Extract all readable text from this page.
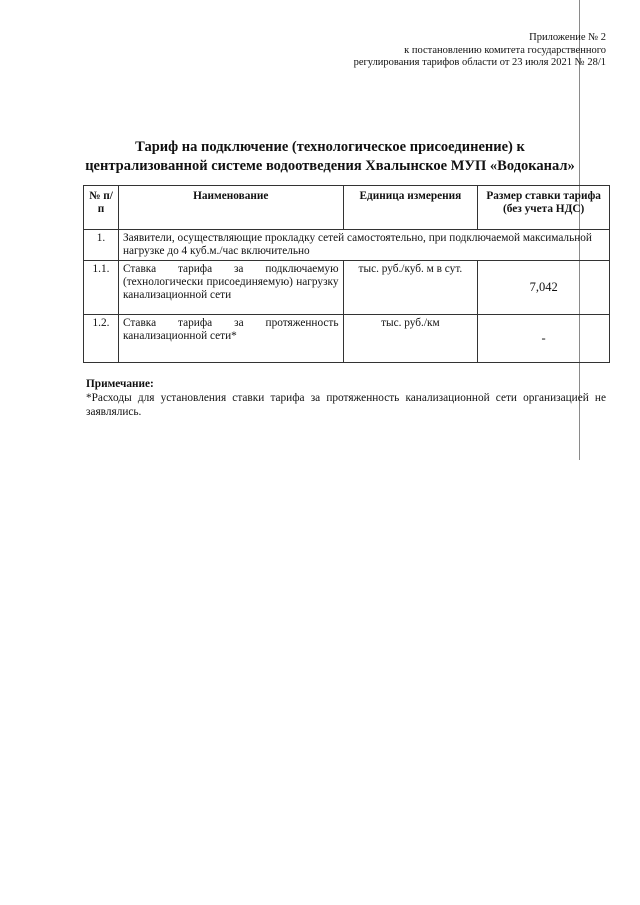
Приложение № 2
к постановлению комитета государственного
регулирования тарифов области от 23 июля 2021 № 28/1
Тариф на подключение (технологическое присоединение) к
централизованной системе водоотведения Хвалынское МУП «Водоканал»
№ п/п	Наименование	Единица измерения	Размер ставки тарифа (без учета НДС)
1.	Заявители, осуществляющие прокладку сетей самостоятельно, при подключаемой максимальной нагрузке до 4 куб.м./час включительно		
1.1.	Ставка тарифа за подключаемую (технологически присоединяемую) нагрузку канализационной сети	тыс. руб./куб. м в сут.	7,042
1.2.	Ставка тарифа за протяженность канализационной сети*	тыс. руб./км	-
Примечание:
*Расходы для установления ставки тарифа за протяженность канализационной сети организацией не заявлялись.
